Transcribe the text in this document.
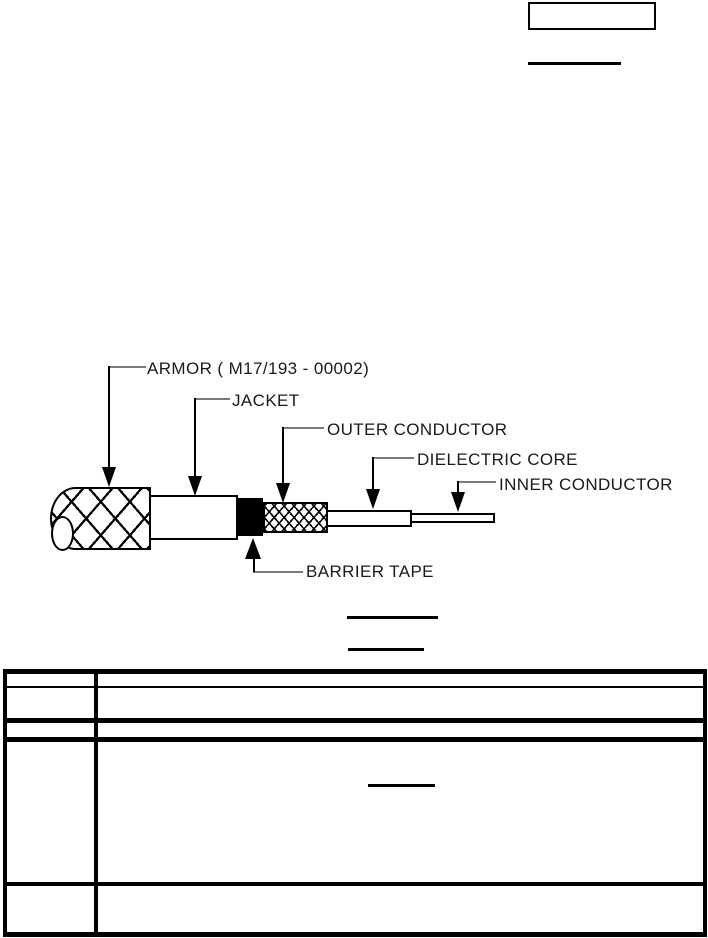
ARMOR ( M17/193 - 00002)
JACKET
OUTER CONDUCTOR
DIELECTRIC CORE
INNER CONDUCTOR
BARRIER TAPE
